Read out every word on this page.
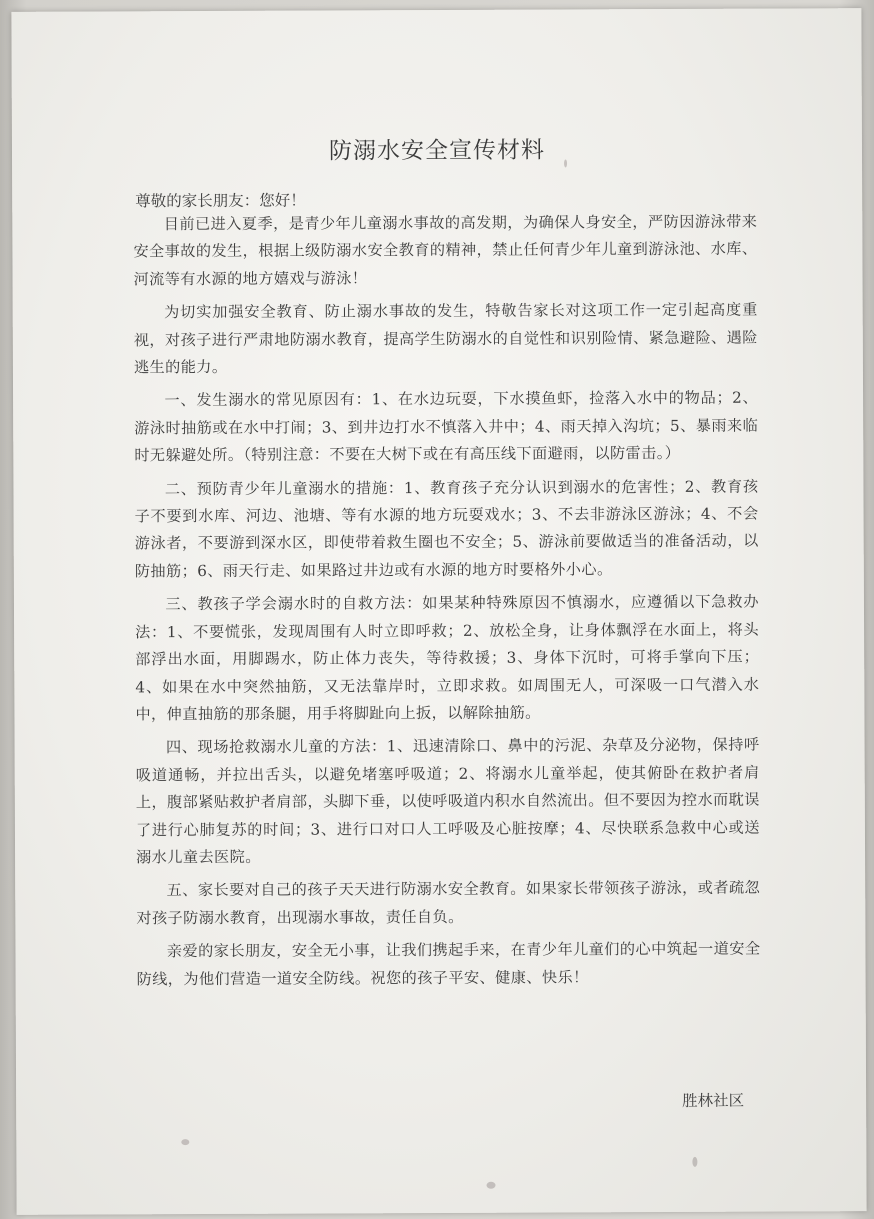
防溺水安全宣传材料
尊敬的家长朋友：您好！

目前已进入夏季，是青少年儿童溺水事故的高发期，为确保人身安全，严防因游泳带来安全事故的发生，根据上级防溺水安全教育的精神，禁止任何青少年儿童到游泳池、水库、河流等有水源的地方嬉戏与游泳！

为切实加强安全教育、防止溺水事故的发生，特敬告家长对这项工作一定引起高度重视，对孩子进行严肃地防溺水教育，提高学生防溺水的自觉性和识别险情、紧急避险、遇险逃生的能力。

一、发生溺水的常见原因有：1、在水边玩耍，下水摸鱼虾，捡落入水中的物品；2、游泳时抽筋或在水中打闹；3、到井边打水不慎落入井中；4、雨天掉入沟坑；5、暴雨来临时无躲避处所。（特别注意：不要在大树下或在有高压线下面避雨，以防雷击。）

二、预防青少年儿童溺水的措施：1、教育孩子充分认识到溺水的危害性；2、教育孩子不要到水库、河边、池塘、等有水源的地方玩耍戏水；3、不去非游泳区游泳；4、不会游泳者，不要游到深水区，即使带着救生圈也不安全；5、游泳前要做适当的准备活动，以防抽筋；6、雨天行走、如果路过井边或有水源的地方时要格外小心。

三、教孩子学会溺水时的自救方法：如果某种特殊原因不慎溺水，应遵循以下急救办法：1、不要慌张，发现周围有人时立即呼救；2、放松全身，让身体飘浮在水面上，将头部浮出水面，用脚踢水，防止体力丧失，等待救援；3、身体下沉时，可将手掌向下压；4、如果在水中突然抽筋，又无法靠岸时，立即求救。如周围无人，可深吸一口气潜入水中，伸直抽筋的那条腿，用手将脚趾向上扳，以解除抽筋。

四、现场抢救溺水儿童的方法：1、迅速清除口、鼻中的污泥、杂草及分泌物，保持呼吸道通畅，并拉出舌头，以避免堵塞呼吸道；2、将溺水儿童举起，使其俯卧在救护者肩上，腹部紧贴救护者肩部，头脚下垂，以使呼吸道内积水自然流出。但不要因为控水而耽误了进行心肺复苏的时间；3、进行口对口人工呼吸及心脏按摩；4、尽快联系急救中心或送溺水儿童去医院。

五、家长要对自己的孩子天天进行防溺水安全教育。如果家长带领孩子游泳，或者疏忽对孩子防溺水教育，出现溺水事故，责任自负。

亲爱的家长朋友，安全无小事，让我们携起手来，在青少年儿童们的心中筑起一道安全防线，为他们营造一道安全防线。祝您的孩子平安、健康、快乐！

胜林社区
